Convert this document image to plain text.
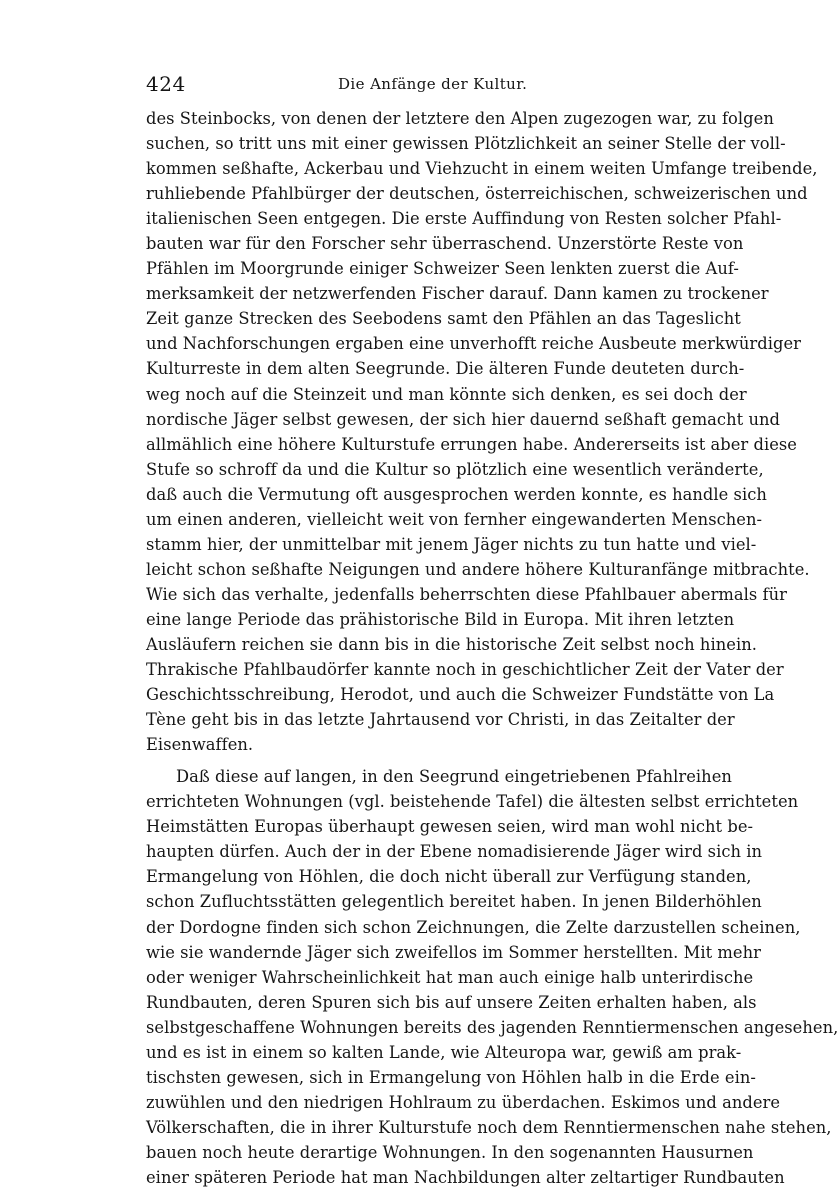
424	Die Anfänge der Kultur.
des Steinbocks, von denen der letztere den Alpen zugezogen war, zu folgen
suchen, so tritt uns mit einer gewissen Plötzlichkeit an seiner Stelle der voll-
kommen seßhafte, Ackerbau und Viehzucht in einem weiten Umfange treibende,
ruhliebende Pfahlbürger der deutschen, österreichischen, schweizerischen und
italienischen Seen entgegen. Die erste Auffindung von Resten solcher Pfahl-
bauten war für den Forscher sehr überraschend. Unzerstörte Reste von
Pfählen im Moorgrunde einiger Schweizer Seen lenkten zuerst die Auf-
merksamkeit der netzwerfenden Fischer darauf. Dann kamen zu trockener
Zeit ganze Strecken des Seebodens samt den Pfählen an das Tageslicht
und Nachforschungen ergaben eine unverhofft reiche Ausbeute merkwürdiger
Kulturreste in dem alten Seegrunde. Die älteren Funde deuteten durch-
weg noch auf die Steinzeit und man könnte sich denken, es sei doch der
nordische Jäger selbst gewesen, der sich hier dauernd seßhaft gemacht und
allmählich eine höhere Kulturstufe errungen habe. Andererseits ist aber diese
Stufe so schroff da und die Kultur so plötzlich eine wesentlich veränderte,
daß auch die Vermutung oft ausgesprochen werden konnte, es handle sich
um einen anderen, vielleicht weit von fernher eingewanderten Menschen-
stamm hier, der unmittelbar mit jenem Jäger nichts zu tun hatte und viel-
leicht schon seßhafte Neigungen und andere höhere Kulturanfänge mitbrachte.
Wie sich das verhalte, jedenfalls beherrschten diese Pfahlbauer abermals für
eine lange Periode das prähistorische Bild in Europa. Mit ihren letzten
Ausläufern reichen sie dann bis in die historische Zeit selbst noch hinein.
Thrakische Pfahlbaudörfer kannte noch in geschichtlicher Zeit der Vater der
Geschichtsschreibung, Herodot, und auch die Schweizer Fundstätte von La
Tène geht bis in das letzte Jahrtausend vor Christi, in das Zeitalter der
Eisenwaffen.
Daß diese auf langen, in den Seegrund eingetriebenen Pfahlreihen
errichteten Wohnungen (vgl. beistehende Tafel) die ältesten selbst errichteten
Heimstätten Europas überhaupt gewesen seien, wird man wohl nicht be-
haupten dürfen. Auch der in der Ebene nomadisierende Jäger wird sich in
Ermangelung von Höhlen, die doch nicht überall zur Verfügung standen,
schon Zufluchtsstätten gelegentlich bereitet haben. In jenen Bilderhöhlen
der Dordogne finden sich schon Zeichnungen, die Zelte darzustellen scheinen,
wie sie wandernde Jäger sich zweifellos im Sommer herstellten. Mit mehr
oder weniger Wahrscheinlichkeit hat man auch einige halb unterirdische
Rundbauten, deren Spuren sich bis auf unsere Zeiten erhalten haben, als
selbstgeschaffene Wohnungen bereits des jagenden Renntiermenschen angesehen,
und es ist in einem so kalten Lande, wie Alteuropa war, gewiß am prak-
tischsten gewesen, sich in Ermangelung von Höhlen halb in die Erde ein-
zuwühlen und den niedrigen Hohlraum zu überdachen. Eskimos und andere
Völkerschaften, die in ihrer Kulturstufe noch dem Renntiermenschen nahe stehen,
bauen noch heute derartige Wohnungen. In den sogenannten Hausurnen
einer späteren Periode hat man Nachbildungen alter zeltartiger Rundbauten
